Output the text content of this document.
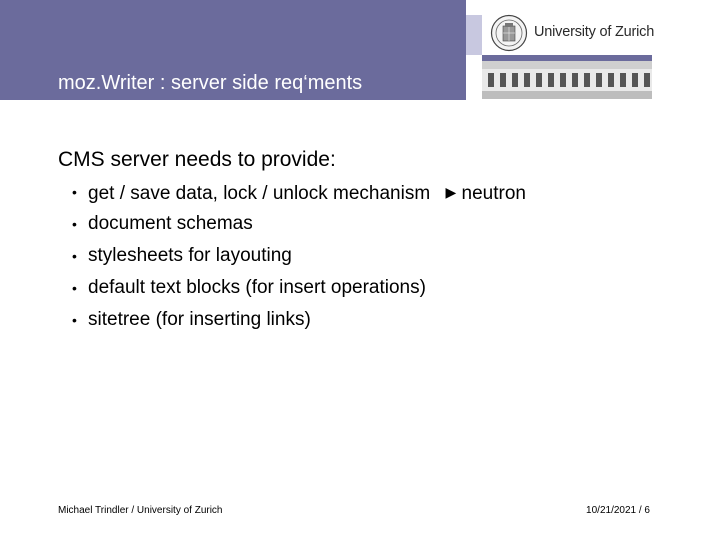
moz.Writer : server side req‘ments
University of Zurich
CMS server needs to provide:
• get / save data, lock / unlock mechanism ▶ neutron
• document schemas
• stylesheets for layouting
• default text blocks (for insert operations)
• sitetree (for inserting links)
Michael Trindler / University of Zurich	10/21/2021 / 6
